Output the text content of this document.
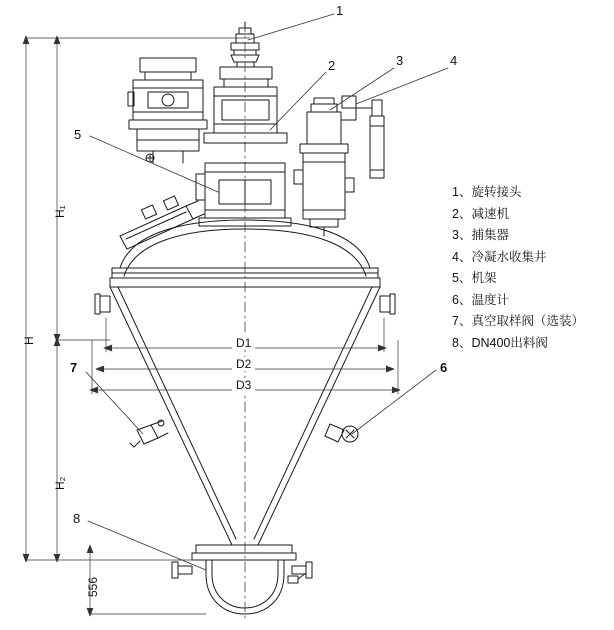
1
2	3	4
5
6
7
8
H
H₁
H₂
556
D1
D2
D3
1、旋转接头
2、减速机
3、捕集器
4、冷凝水收集井
5、机架
6、温度计
7、真空取样阀（选装）
8、DN400出料阀
